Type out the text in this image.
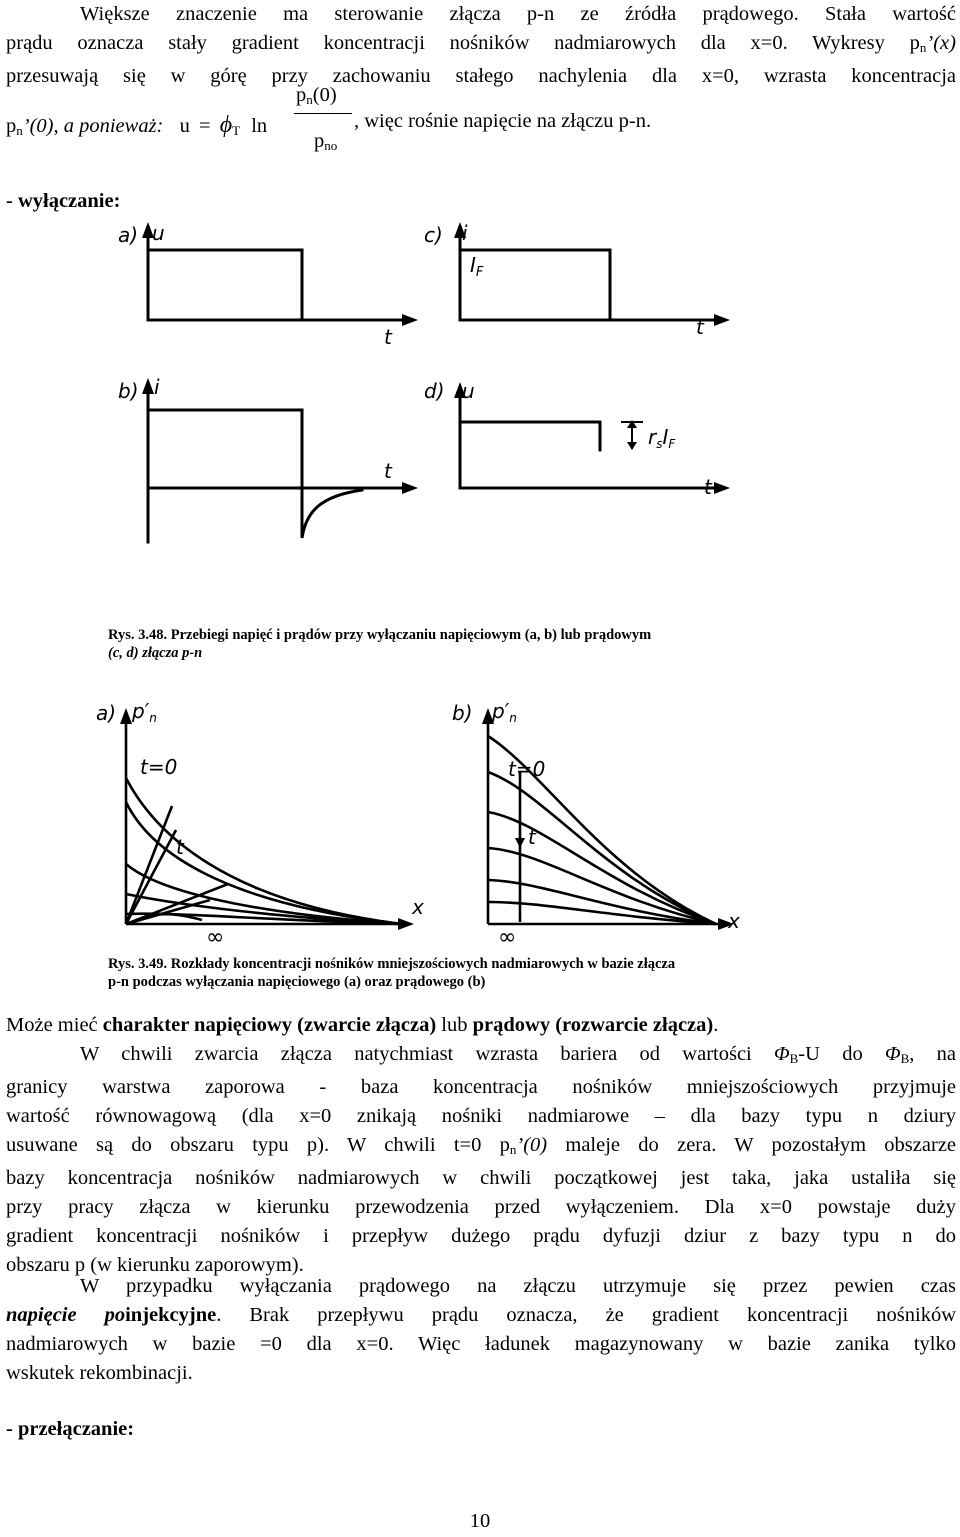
Większe znaczenie ma sterowanie złącza p-n ze źródła prądowego. Stała wartość
prądu oznacza stały gradient koncentracji nośników nadmiarowych dla x=0. Wykresy $p_n’(x)$
przesuwają się w górę przy zachowaniu stałego nachylenia dla x=0, wzrasta koncentracja
$p_n’(0)$, a ponieważ: $u = \phi_T$ ln
$p_n(0)$
$p_{no}$
, więc rośnie napięcie na złączu p-n.
- wyłączanie:
a) u
t
c) i
$I_F$
t
b) i
t
d) u
$r_sI_F$
t
Rys. 3.48. Przebiegi napięć i prądów przy wyłączaniu napięciowym (a, b) lub prądowym
(c, d) złącza p-n
a) $p'_n$
t=0
t
x
∞
b) $p'_n$
t=0
t
x
∞
Rys. 3.49. Rozkłady koncentracji nośników mniejszościowych nadmiarowych w bazie złącza
p-n podczas wyłączania napięciowego (a) oraz prądowego (b)
Może mieć charakter napięciowy (zwarcie złącza) lub prądowy (rozwarcie złącza).
W chwili zwarcia złącza natychmiast wzrasta bariera od wartości $\Phi_B-U$ do $\Phi_B$, na
granicy warstwa zaporowa - baza koncentracja nośników mniejszościowych przyjmuje
wartość równowagową (dla x=0 znikają nośniki nadmiarowe – dla bazy typu n dziury
usuwane są do obszaru typu p). W chwili t=0 $p_n’(0)$ maleje do zera. W pozostałym obszarze
bazy koncentracja nośników nadmiarowych w chwili początkowej jest taka, jaka ustaliła się
przy pracy złącza w kierunku przewodzenia przed wyłączeniem. Dla x=0 powstaje duży
gradient koncentracji nośników i przepływ dużego prądu dyfuzji dziur z bazy typu n do
obszaru p (w kierunku zaporowym).
W przypadku wyłączania prądowego na złączu utrzymuje się przez pewien czas
napięcie poinjekcyjne. Brak przepływu prądu oznacza, że gradient koncentracji nośników
nadmiarowych w bazie =0 dla x=0. Więc ładunek magazynowany w bazie zanika tylko
wskutek rekombinacji.
- przełączanie:
10
